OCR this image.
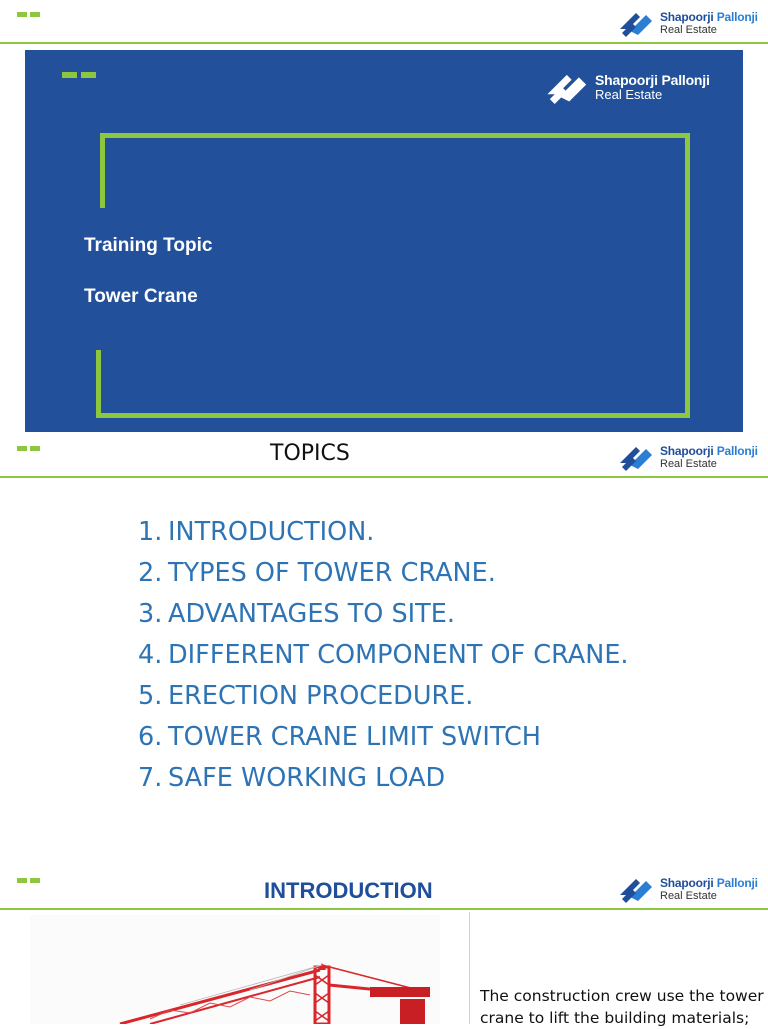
Shapoorji Pallonji
Real Estate
Shapoorji Pallonji
Real Estate
Training Topic
Tower Crane
TOPICS	Shapoorji Pallonji
Real Estate
1. INTRODUCTION.
2. TYPES OF TOWER CRANE.
3. ADVANTAGES TO SITE.
4. DIFFERENT COMPONENT OF CRANE.
5. ERECTION PROCEDURE.
6. TOWER CRANE LIMIT SWITCH
7. SAFE WORKING LOAD
INTRODUCTION	Shapoorji Pallonji
Real Estate
The construction crew use the tower
crane to lift the building materials;
